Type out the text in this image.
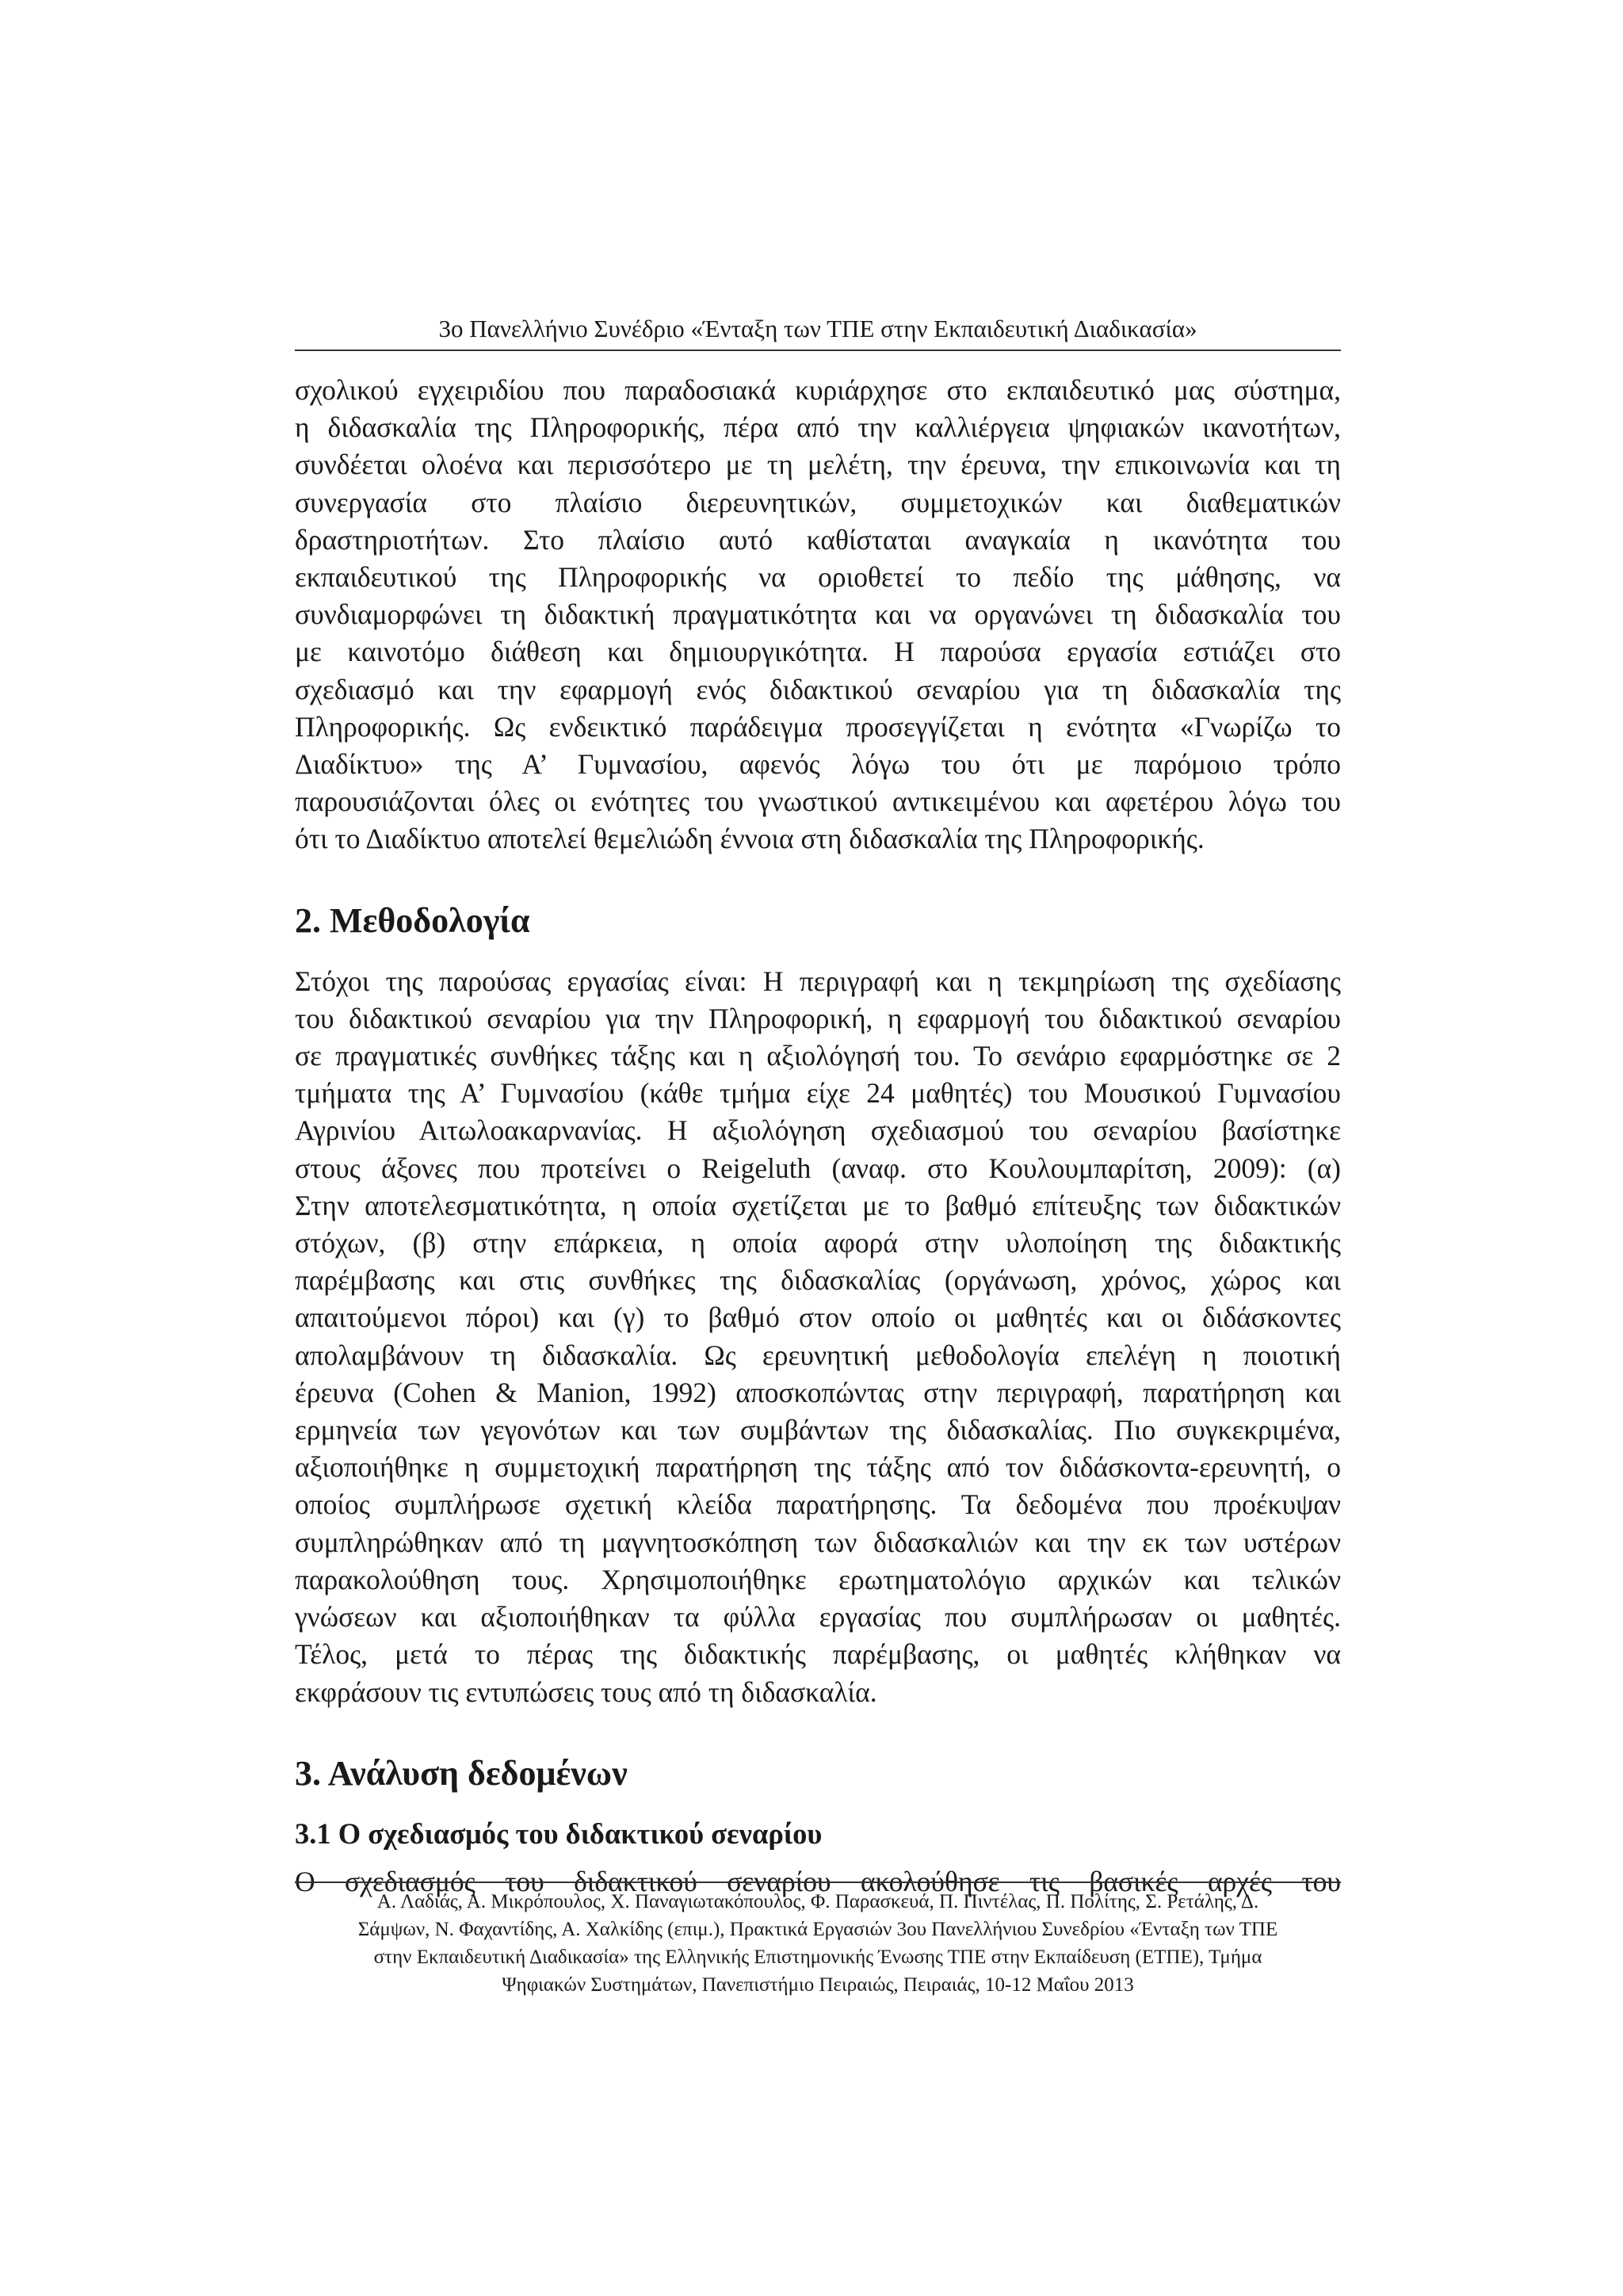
3ο Πανελλήνιο Συνέδριο «Ένταξη των ΤΠΕ στην Εκπαιδευτική Διαδικασία»

σχολικού εγχειριδίου που παραδοσιακά κυριάρχησε στο εκπαιδευτικό μας σύστημα,
η διδασκαλία της Πληροφορικής, πέρα από την καλλιέργεια ψηφιακών ικανοτήτων,
συνδέεται ολοένα και περισσότερο με τη μελέτη, την έρευνα, την επικοινωνία και τη
συνεργασία στο πλαίσιο διερευνητικών, συμμετοχικών και διαθεματικών
δραστηριοτήτων. Στο πλαίσιο αυτό καθίσταται αναγκαία η ικανότητα του
εκπαιδευτικού της Πληροφορικής να οριοθετεί το πεδίο της μάθησης, να
συνδιαμορφώνει τη διδακτική πραγματικότητα και να οργανώνει τη διδασκαλία του
με καινοτόμο διάθεση και δημιουργικότητα. Η παρούσα εργασία εστιάζει στο
σχεδιασμό και την εφαρμογή ενός διδακτικού σεναρίου για τη διδασκαλία της
Πληροφορικής. Ως ενδεικτικό παράδειγμα προσεγγίζεται η ενότητα «Γνωρίζω το
Διαδίκτυο» της Α’ Γυμνασίου, αφενός λόγω του ότι με παρόμοιο τρόπο
παρουσιάζονται όλες οι ενότητες του γνωστικού αντικειμένου και αφετέρου λόγω του
ότι το Διαδίκτυο αποτελεί θεμελιώδη έννοια στη διδασκαλία της Πληροφορικής.

2. Μεθοδολογία

Στόχοι της παρούσας εργασίας είναι: Η περιγραφή και η τεκμηρίωση της σχεδίασης
του διδακτικού σεναρίου για την Πληροφορική, η εφαρμογή του διδακτικού σεναρίου
σε πραγματικές συνθήκες τάξης και η αξιολόγησή του. Το σενάριο εφαρμόστηκε σε 2
τμήματα της Α’ Γυμνασίου (κάθε τμήμα είχε 24 μαθητές) του Μουσικού Γυμνασίου
Αγρινίου Αιτωλοακαρνανίας. Η αξιολόγηση σχεδιασμού του σεναρίου βασίστηκε
στους άξονες που προτείνει ο Reigeluth (αναφ. στο Κουλουμπαρίτση, 2009): (α)
Στην αποτελεσματικότητα, η οποία σχετίζεται με το βαθμό επίτευξης των διδακτικών
στόχων, (β) στην επάρκεια, η οποία αφορά στην υλοποίηση της διδακτικής
παρέμβασης και στις συνθήκες της διδασκαλίας (οργάνωση, χρόνος, χώρος και
απαιτούμενοι πόροι) και (γ) το βαθμό στον οποίο οι μαθητές και οι διδάσκοντες
απολαμβάνουν τη διδασκαλία. Ως ερευνητική μεθοδολογία επελέγη η ποιοτική
έρευνα (Cohen & Manion, 1992) αποσκοπώντας στην περιγραφή, παρατήρηση και
ερμηνεία των γεγονότων και των συμβάντων της διδασκαλίας. Πιο συγκεκριμένα,
αξιοποιήθηκε η συμμετοχική παρατήρηση της τάξης από τον διδάσκοντα-ερευνητή, ο
οποίος συμπλήρωσε σχετική κλείδα παρατήρησης. Τα δεδομένα που προέκυψαν
συμπληρώθηκαν από τη μαγνητοσκόπηση των διδασκαλιών και την εκ των υστέρων
παρακολούθηση τους. Χρησιμοποιήθηκε ερωτηματολόγιο αρχικών και τελικών
γνώσεων και αξιοποιήθηκαν τα φύλλα εργασίας που συμπλήρωσαν οι μαθητές.
Τέλος, μετά το πέρας της διδακτικής παρέμβασης, οι μαθητές κλήθηκαν να
εκφράσουν τις εντυπώσεις τους από τη διδασκαλία.

3. Ανάλυση δεδομένων
3.1 Ο σχεδιασμός του διδακτικού σεναρίου

Ο σχεδιασμός του διδακτικού σεναρίου ακολούθησε τις βασικές αρχές του

Α. Λαδιάς, Α. Μικρόπουλος, Χ. Παναγιωτακόπουλος, Φ. Παρασκευά, Π. Πιντέλας, Π. Πολίτης, Σ. Ρετάλης, Δ.
Σάμψων, Ν. Φαχαντίδης, Α. Χαλκίδης (επιμ.), Πρακτικά Εργασιών 3ου Πανελλήνιου Συνεδρίου «Ένταξη των ΤΠΕ
στην Εκπαιδευτική Διαδικασία» της Ελληνικής Επιστημονικής Ένωσης ΤΠΕ στην Εκπαίδευση (ΕΤΠΕ), Τμήμα
Ψηφιακών Συστημάτων, Πανεπιστήμιο Πειραιώς, Πειραιάς, 10-12 Μαΐου 2013
